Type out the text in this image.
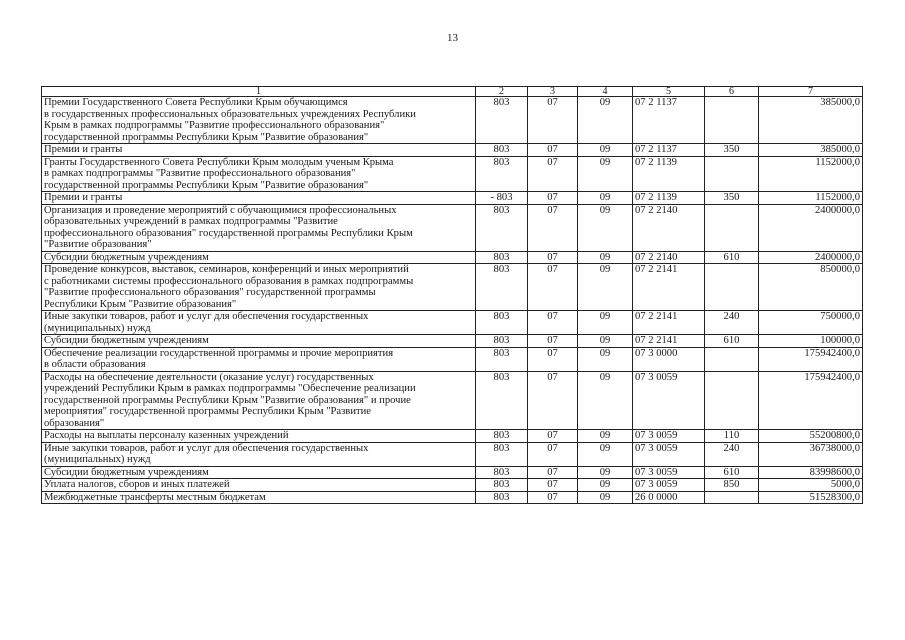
13
1	2	3	4	5	6	7
Премии Государственного Совета Республики Крым обучающимся
в государственных профессиональных образовательных учреждениях Республики
Крым в рамках подпрограммы "Развитие профессионального образования"
государственной программы Республики Крым "Развитие образования"	803	07	09	07 2 1137		385000,0
Премии и гранты	803	07	09	07 2 1137	350	385000,0
Гранты Государственного Совета Республики Крым молодым ученым Крыма
в рамках подпрограммы "Развитие профессионального образования"
государственной программы Республики Крым "Развитие образования"	803	07	09	07 2 1139		1152000,0
Премии и гранты	- 803	07	09	07 2 1139	350	1152000,0
Организация и проведение мероприятий с обучающимися профессиональных
образовательных учреждений в рамках подпрограммы "Развитие
профессионального образования" государственной программы Республики Крым
"Развитие образования"	803	07	09	07 2 2140		2400000,0
Субсидии бюджетным учреждениям	803	07	09	07 2 2140	610	2400000,0
Проведение конкурсов, выставок, семинаров, конференций и иных мероприятий
с работниками системы профессионального образования в рамках подпрограммы
"Развитие профессионального образования" государственной программы
Республики Крым "Развитие образования"	803	07	09	07 2 2141		850000,0
Иные закупки товаров, работ и услуг для обеспечения государственных
(муниципальных) нужд	803	07	09	07 2 2141	240	750000,0
Субсидии бюджетным учреждениям	803	07	09	07 2 2141	610	100000,0
Обеспечение реализации государственной программы и прочие мероприятия
в области образования	803	07	09	07 3 0000		175942400,0
Расходы на обеспечение деятельности (оказание услуг) государственных
учреждений Республики Крым в рамках подпрограммы "Обеспечение реализации
государственной программы Республики Крым "Развитие образования" и прочие
мероприятия" государственной программы Республики Крым "Развитие
образования"	803	07	09	07 3 0059		175942400,0
Расходы на выплаты персоналу казенных учреждений	803	07	09	07 3 0059	110	55200800,0
Иные закупки товаров, работ и услуг для обеспечения государственных
(муниципальных) нужд	803	07	09	07 3 0059	240	36738000,0
Субсидии бюджетным учреждениям	803	07	09	07 3 0059	610	83998600,0
Уплата налогов, сборов и иных платежей	803	07	09	07 3 0059	850	5000,0
Межбюджетные трансферты местным бюджетам	803	07	09	26 0 0000		51528300,0
